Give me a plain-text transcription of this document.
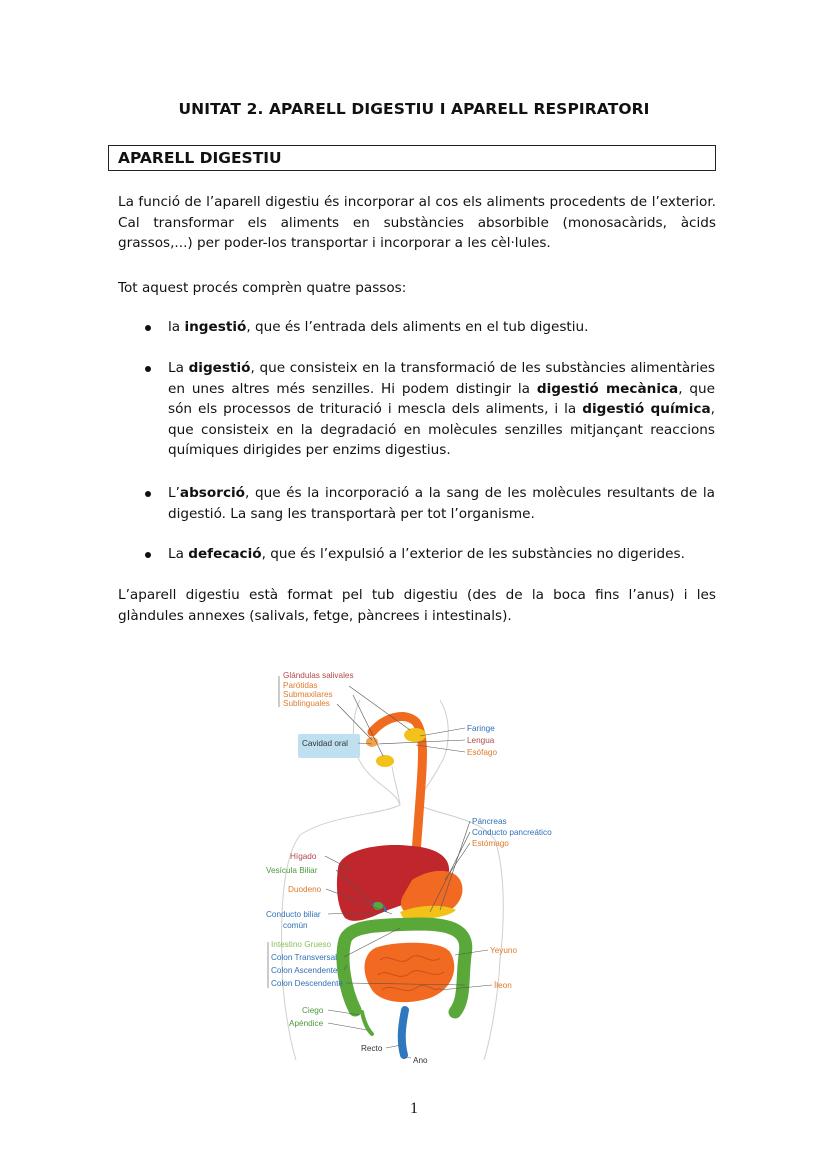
UNITAT 2. APARELL DIGESTIU I APARELL RESPIRATORI
APARELL DIGESTIU
La funció de l’aparell digestiu és incorporar al cos els aliments procedents de l’exterior. Cal transformar els aliments en substàncies absorbible (monosacàrids, àcids grassos,...) per poder-los transportar i incorporar a les cèl·lules.
Tot aquest procés comprèn quatre passos:
la ingestió, que és l’entrada dels aliments en el tub digestiu.
La digestió, que consisteix en la transformació de les substàncies alimentàries en unes altres més senzilles. Hi podem distingir la digestió mecànica, que són els processos de trituració i mescla dels aliments, i la digestió química, que consisteix en la degradació en molècules senzilles mitjançant reaccions químiques dirigides per enzims digestius.
L’absorció, que és la incorporació a la sang de les molècules resultants de la digestió. La sang les transportarà per tot l’organisme.
La defecació, que és l’expulsió a l’exterior de les substàncies no digerides.
L’aparell digestiu està format pel tub digestiu (des de la boca fins l’anus) i les glàndules annexes (salivals, fetge, pàncrees i intestinals).
Glándulas salivales
Parótidas
Submaxilares
Sublinguales
Cavidad oral
Faringe
Lengua
Esófago
Páncreas
Conducto pancreático
Estómago
Hígado
Vesícula Biliar
Duodeno
Conducto biliar
común
Intestino Grueso
Colon Transversal
Colon Ascendente
Colon Descendente
Yeyuno
Íleon
Ciego
Apéndice
Recto
Ano
1
